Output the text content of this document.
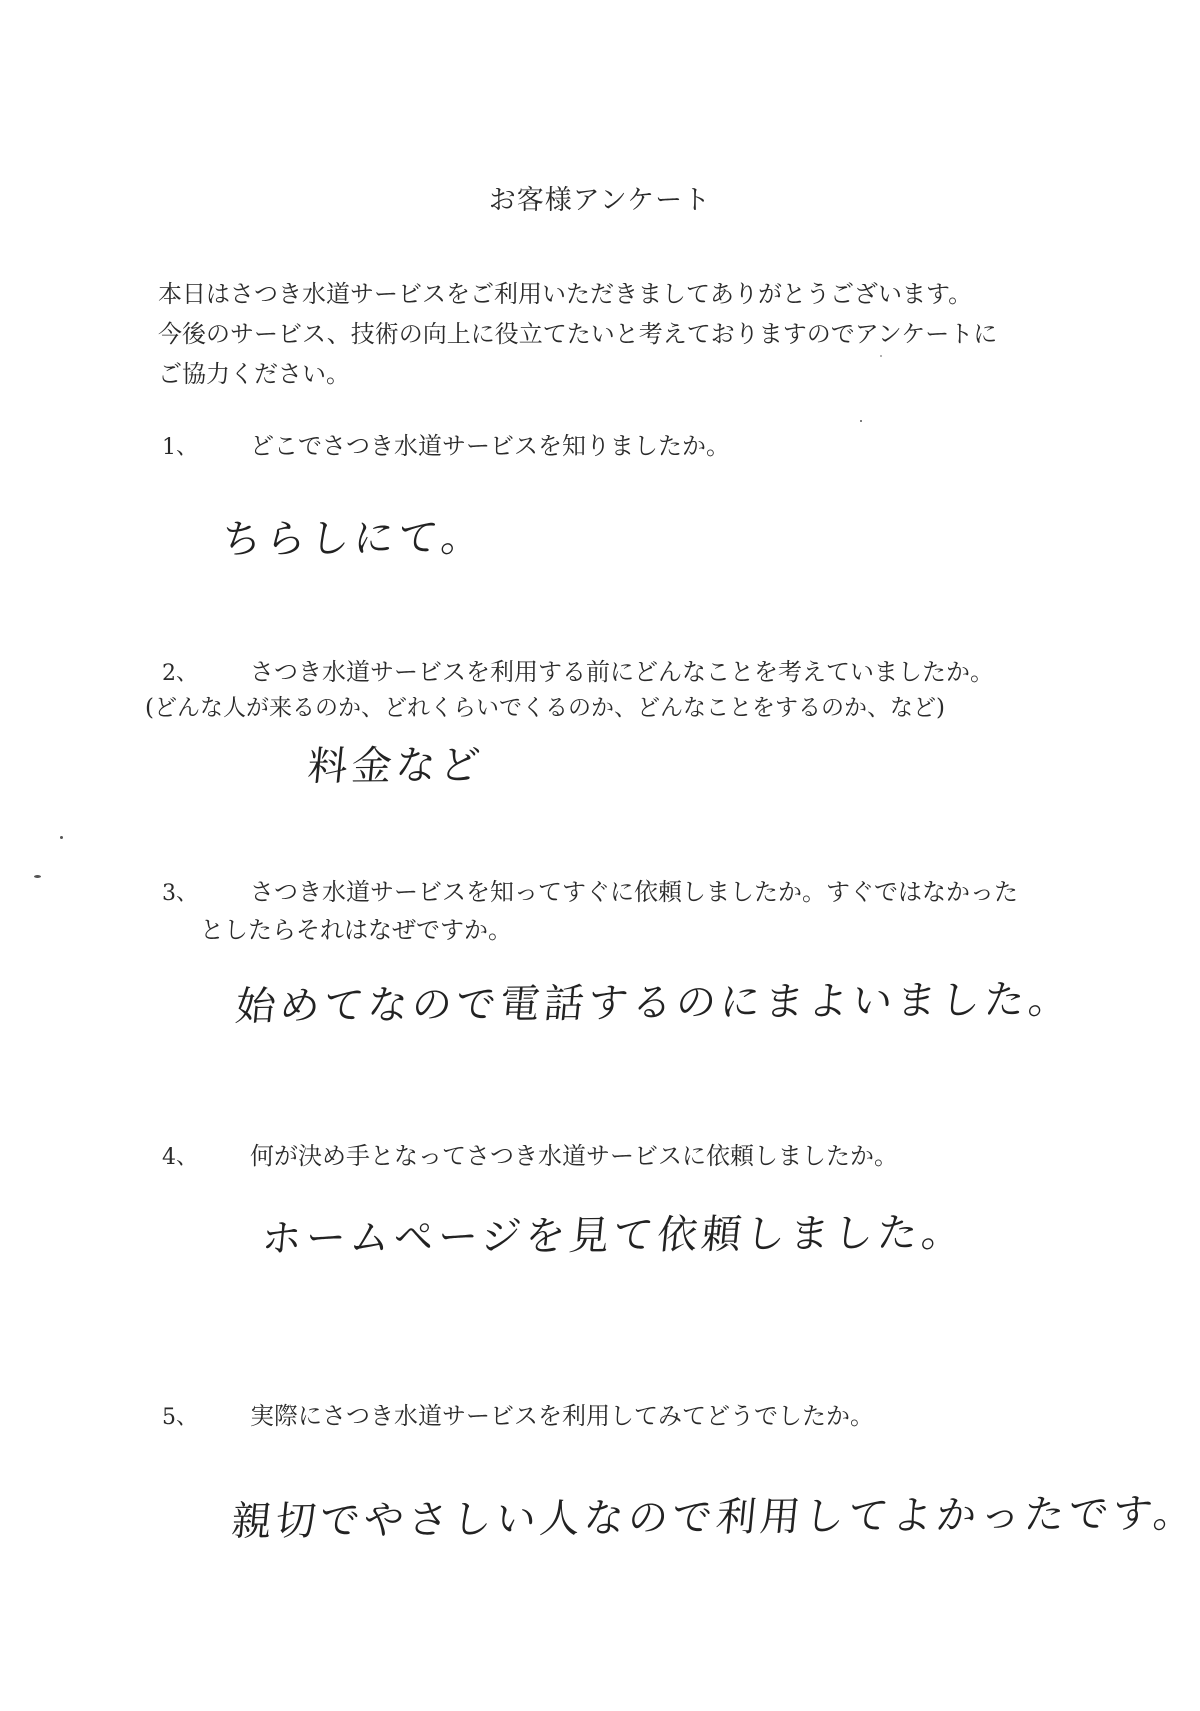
お客様アンケート
本日はさつき水道サービスをご利用いただきましてありがとうございます。
今後のサービス、技術の向上に役立てたいと考えておりますのでアンケートに
ご協力ください。
1、 どこでさつき水道サービスを知りましたか。
ちらしにて。
2、 さつき水道サービスを利用する前にどんなことを考えていましたか。
(どんな人が来るのか、どれくらいでくるのか、どんなことをするのか、など)
料金など
3、 さつき水道サービスを知ってすぐに依頼しましたか。すぐではなかった
としたらそれはなぜですか。
始めてなので電話するのにまよいました。
4、 何が決め手となってさつき水道サービスに依頼しましたか。
ホームページを見て依頼しました。
5、 実際にさつき水道サービスを利用してみてどうでしたか。
親切でやさしい人なので利用してよかったです。
